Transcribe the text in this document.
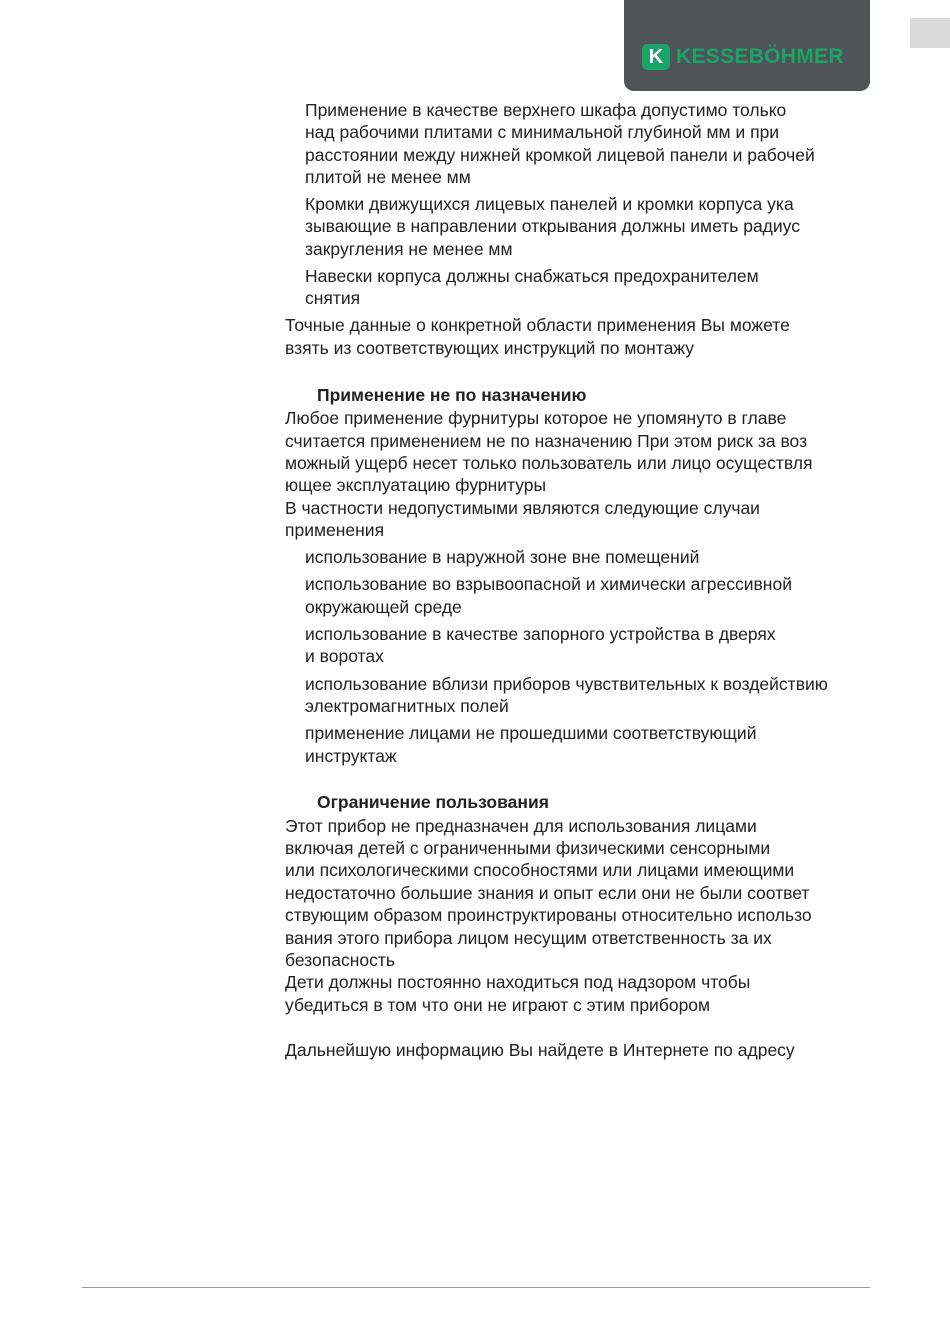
K KESSEBÖHMER
Применение в качестве верхнего шкафа допустимо только
над рабочими плитами с минимальной глубиной мм и при
расстоянии между нижней кромкой лицевой панели и рабочей
плитой не менее мм
Кромки движущихся лицевых панелей и кромки корпуса ука
зывающие в направлении открывания должны иметь радиус
закругления не менее мм
Навески корпуса должны снабжаться предохранителем
снятия
Точные данные о конкретной области применения Вы можете
взять из соответствующих инструкций по монтажу
Применение не по назначению
Любое применение фурнитуры которое не упомянуто в главе
считается применением не по назначению При этом риск за воз
можный ущерб несет только пользователь или лицо осуществля
ющее эксплуатацию фурнитуры
В частности недопустимыми являются следующие случаи
применения
использование в наружной зоне вне помещений
использование во взрывоопасной и химически агрессивной
окружающей среде
использование в качестве запорного устройства в дверях
и воротах
использование вблизи приборов чувствительных к воздействию
электромагнитных полей
применение лицами не прошедшими соответствующий
инструктаж
Ограничение пользования
Этот прибор не предназначен для использования лицами
включая детей с ограниченными физическими сенсорными
или психологическими способностями или лицами имеющими
недостаточно большие знания и опыт если они не были соответ
ствующим образом проинструктированы относительно использо
вания этого прибора лицом несущим ответственность за их
безопасность
Дети должны постоянно находиться под надзором чтобы
убедиться в том что они не играют с этим прибором
Дальнейшую информацию Вы найдете в Интернете по адресу
